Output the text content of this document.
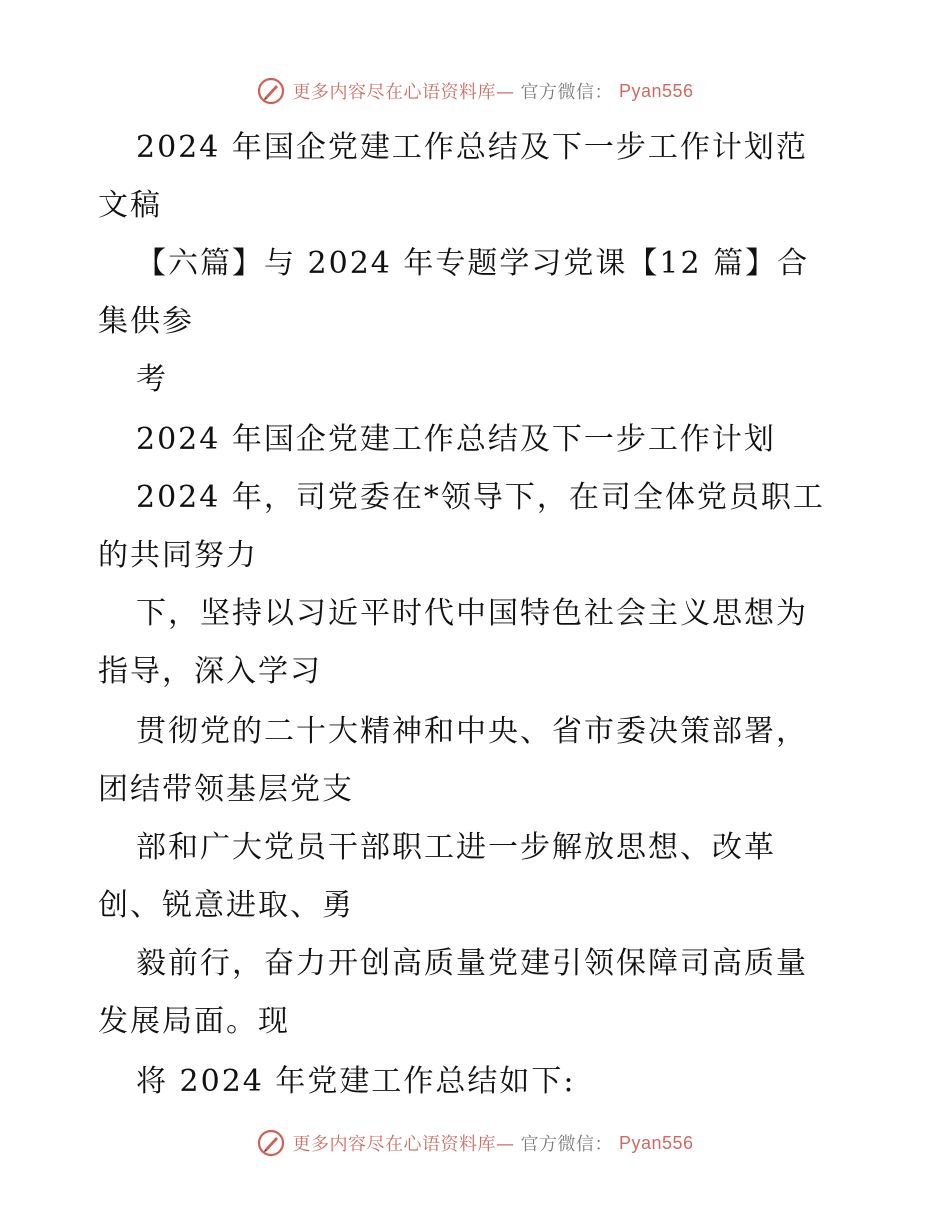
更多内容尽在心语资料库— 官方微信： Pyan556
2024 年国企党建工作总结及下一步工作计划范
文稿
【六篇】与 2024 年专题学习党课【12 篇】合
集供参
考
2024 年国企党建工作总结及下一步工作计划
2024 年，司党委在*领导下，在司全体党员职工
的共同努力
下，坚持以习近平时代中国特色社会主义思想为
指导，深入学习
贯彻党的二十大精神和中央、省市委决策部署，
团结带领基层党支
部和广大党员干部职工进一步解放思想、改革
创、锐意进取、勇
毅前行，奋力开创高质量党建引领保障司高质量
发展局面。现
将 2024 年党建工作总结如下:
更多内容尽在心语资料库— 官方微信： Pyan556
